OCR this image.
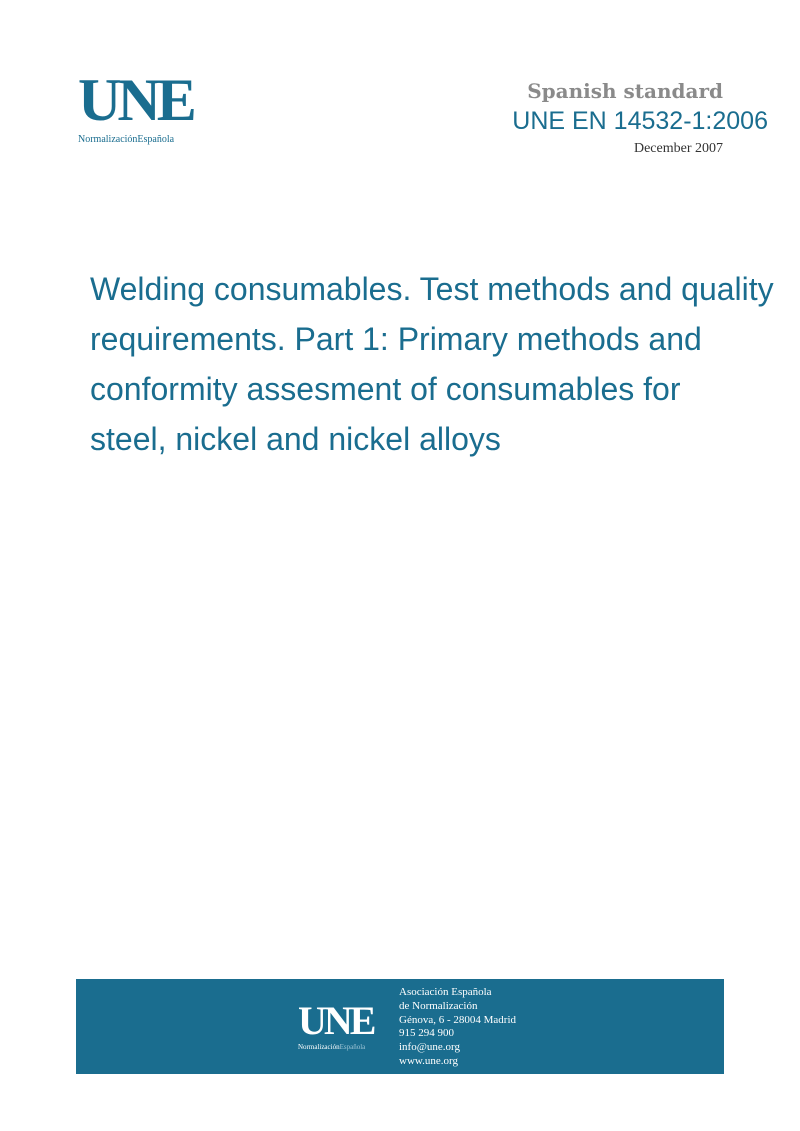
UNE
NormalizaciónEspañola
Spanish standard
UNE EN 14532-1:2006
December 2007
Welding consumables. Test methods and quality
requirements. Part 1: Primary methods and
conformity assesment of consumables for
steel, nickel and nickel alloys
UNE
NormalizaciónEspañola
Asociación Española
de Normalización
Génova, 6 - 28004 Madrid
915 294 900
info@une.org
www.une.org
